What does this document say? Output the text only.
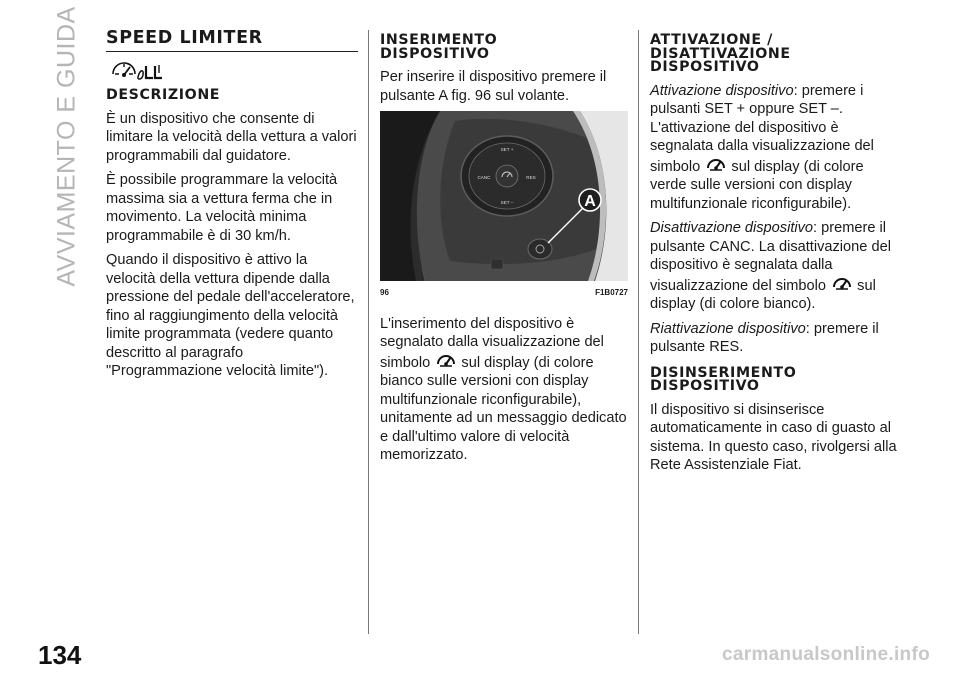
AVVIAMENTO E GUIDA SPEED LIMITER
DESCRIZIONE

È un dispositivo che consente di limitare la velocità della vettura a valori programmabili dal guidatore.

È possibile programmare la velocità massima sia a vettura ferma che in movimento. La velocità minima programmabile è di 30 km/h.

Quando il dispositivo è attivo la velocità della vettura dipende dalla pressione del pedale dell'acceleratore, fino al raggiungimento della velocità limite programmata (vedere quanto descritto al paragrafo "Programmazione velocità limite").

INSERIMENTO DISPOSITIVO

Per inserire il dispositivo premere il pulsante A fig. 96 sul volante.

SET +
CANC	RES
SET –	A
96	F1B0727

L'inserimento del dispositivo è segnalato dalla visualizzazione del simbolo sul display (di colore bianco sulle versioni con display multifunzionale riconfigurabile), unitamente ad un messaggio dedicato e dall'ultimo valore di velocità memorizzato.

ATTIVAZIONE / DISATTIVAZIONE DISPOSITIVO

Attivazione dispositivo: premere i pulsanti SET + oppure SET –. L'attivazione del dispositivo è segnalata dalla visualizzazione del simbolo sul display (di colore verde sulle versioni con display multifunzionale riconfigurabile).

Disattivazione dispositivo: premere il pulsante CANC. La disattivazione del dispositivo è segnalata dalla visualizzazione del simbolo sul display (di colore bianco).

Riattivazione dispositivo: premere il pulsante RES.

DISINSERIMENTO DISPOSITIVO

Il dispositivo si disinserisce automaticamente in caso di guasto al sistema. In questo caso, rivolgersi alla Rete Assistenziale Fiat.

134	carmanualsonline.info
